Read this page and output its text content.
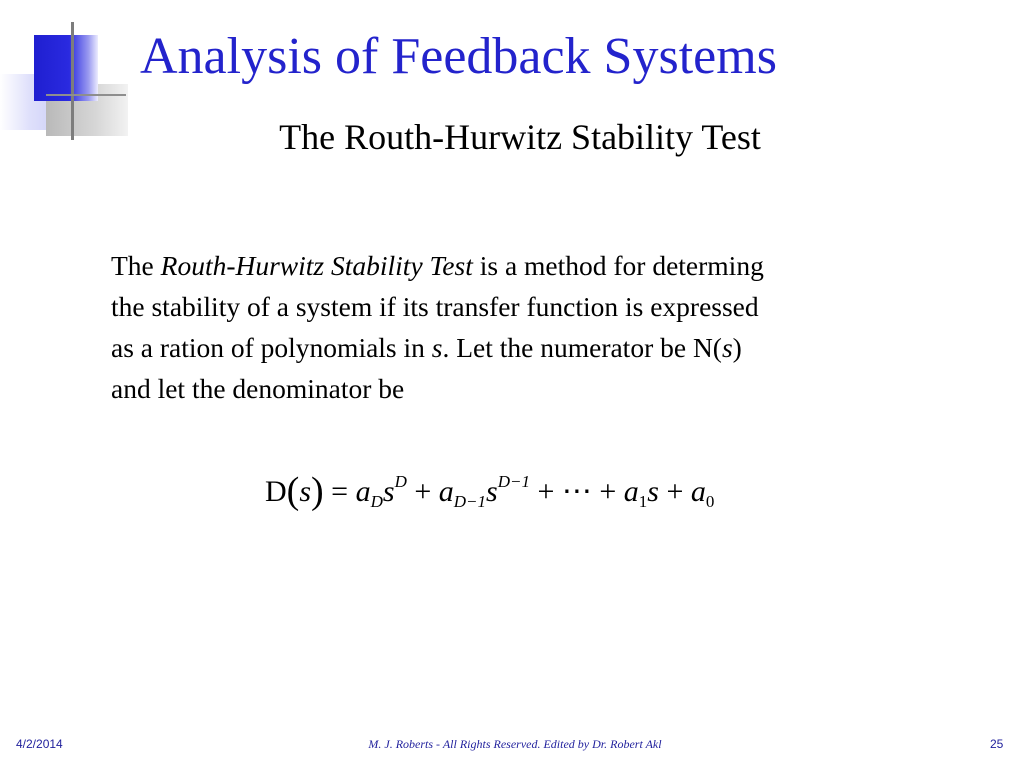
Analysis of Feedback Systems
The Routh-Hurwitz Stability Test
The Routh-Hurwitz Stability Test is a method for determing
the stability of a system if its transfer function is expressed
as a ration of polynomials in s. Let the numerator be N(s)
and let the denominator be
$D(s) = a_Ds^D + a_{D-1}s^{D-1}$ + ⋯ + $a_1s + a_0$
4/2/2014	M. J. Roberts - All Rights Reserved. Edited by Dr. Robert Akl	25
